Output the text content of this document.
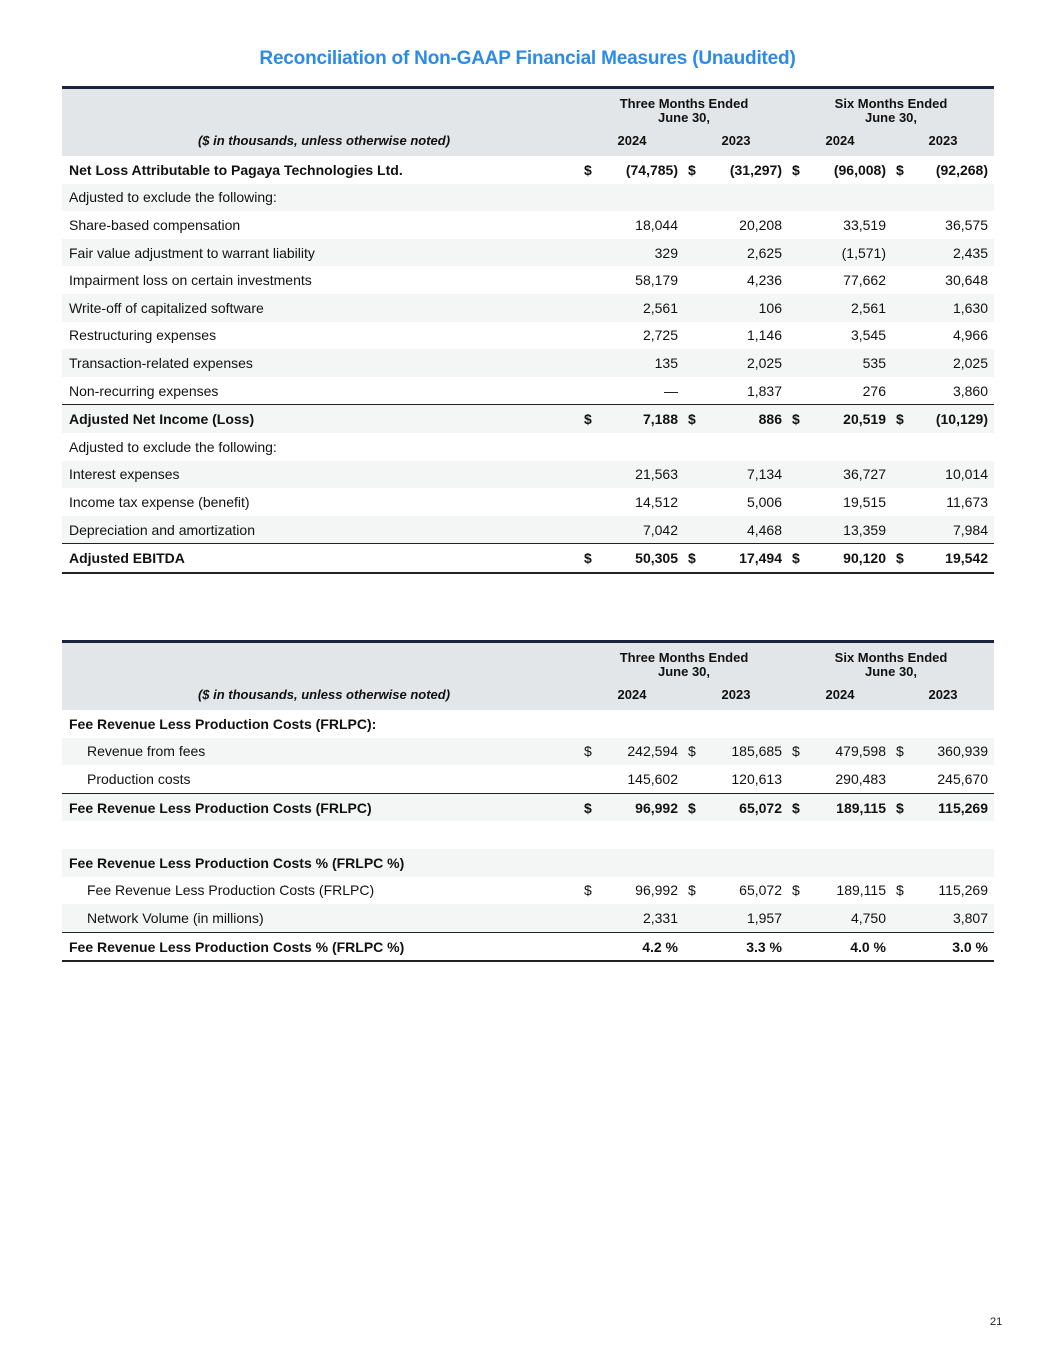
Reconciliation of Non-GAAP Financial Measures (Unaudited)

Three Months Ended
June 30,

Six Months Ended
June 30,

($ in thousands, unless otherwise noted)	2024		2023		2024		2023	
Net Loss Attributable to Pagaya Technologies Ltd.	$	(74,785)	$	(31,297)	$	(96,008)	$	(92,268)
Adjusted to exclude the following:								
Share-based compensation		18,044		20,208		33,519		36,575
Fair value adjustment to warrant liability		329		2,625		(1,571)		2,435
Impairment loss on certain investments		58,179		4,236		77,662		30,648
Write-off of capitalized software		2,561		106		2,561		1,630
Restructuring expenses		2,725		1,146		3,545		4,966
Transaction-related expenses		135		2,025		535		2,025
Non-recurring expenses		—		1,837		276		3,860
Adjusted Net Income (Loss)	$	7,188	$	886	$	20,519	$	(10,129)
Adjusted to exclude the following:								
Interest expenses		21,563		7,134		36,727		10,014
Income tax expense (benefit)		14,512		5,006		19,515		11,673
Depreciation and amortization		7,042		4,468		13,359		7,984
Adjusted EBITDA	$	50,305	$	17,494	$	90,120	$	19,542

Three Months Ended
June 30,

Six Months Ended
June 30,

($ in thousands, unless otherwise noted)	2024		2023		2024		2023	
Fee Revenue Less Production Costs (FRLPC):								
Revenue from fees	$	242,594	$	185,685	$	479,598	$	360,939
Production costs		145,602		120,613		290,483		245,670
Fee Revenue Less Production Costs (FRLPC)	$	96,992	$	65,072	$	189,115	$	115,269

Fee Revenue Less Production Costs % (FRLPC %)								
Fee Revenue Less Production Costs (FRLPC)	$	96,992	$	65,072	$	189,115	$	115,269
Network Volume (in millions)		2,331		1,957		4,750		3,807
Fee Revenue Less Production Costs % (FRLPC %)		4.2 %		3.3 %		4.0 %		3.0 %
21
